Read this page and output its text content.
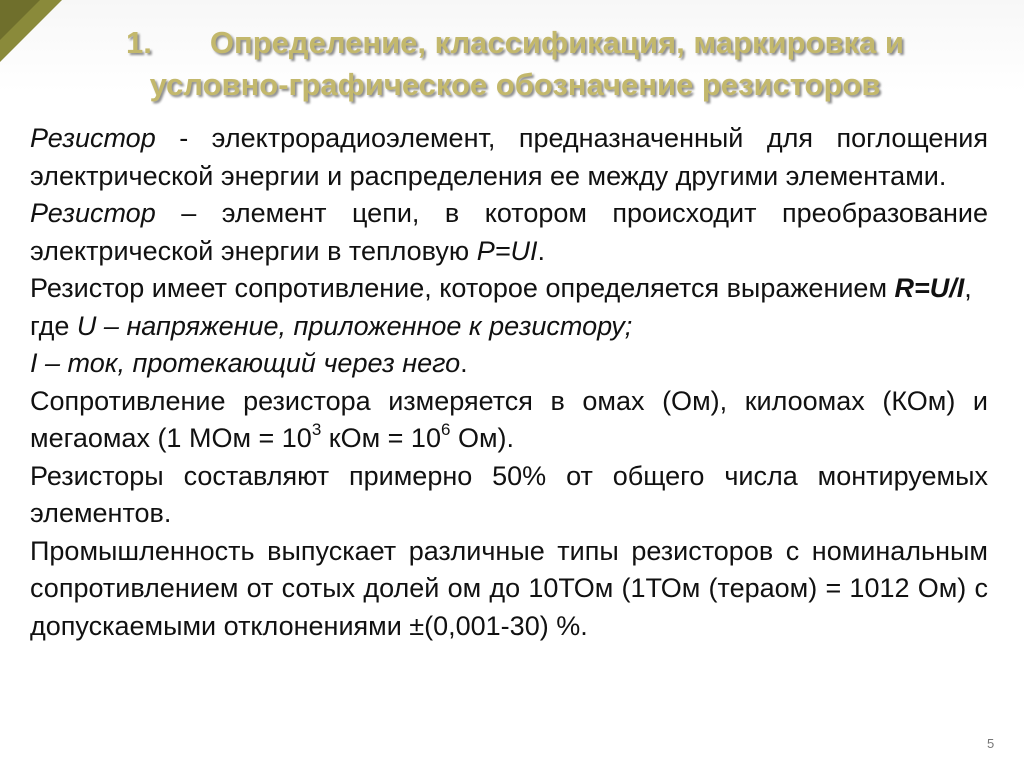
1. Определение, классификация, маркировка и
условно-графическое обозначение резисторов

Резистор - электрорадиоэлемент, предназначенный для поглощения электрической энергии и распределения ее между другими элементами.

Резистор – элемент цепи, в котором происходит преобразование электрической энергии в тепловую P=UI.

Резистор имеет сопротивление, которое определяется выражением R=U/I,

где U – напряжение, приложенное к резистору;

I – ток, протекающий через него.

Сопротивление резистора измеряется в омах (Ом), килоомах (КОм) и мегаомах (1 МОм = $10^3$ кОм = $10^6$ Ом).

Резисторы составляют примерно 50% от общего числа монтируемых элементов.

Промышленность выпускает различные типы резисторов с номинальным сопротивлением от сотых долей ом до 10ТОм (1ТОм (тераом) = 1012 Ом) с допускаемыми отклонениями ±(0,001-30) %.

5
